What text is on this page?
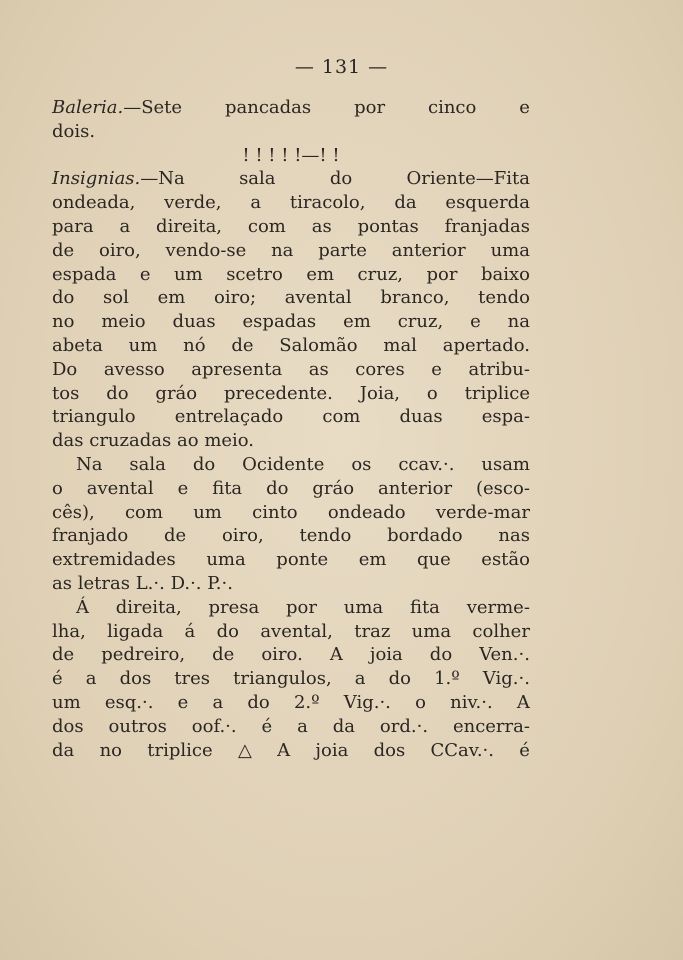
— 131 —
Baleria.—Sete pancadas por cinco e
dois.
! ! ! ! !—! !
Insignias.—Na	sala	do	Oriente—Fita
ondeada, verde, a tiracolo, da esquerda
para a direita, com as pontas franjadas
de oiro, vendo-se na parte anterior uma
espada e um scetro em cruz, por baixo
do sol em oiro; avental branco, tendo
no meio duas espadas em cruz, e na
abeta um nó de Salomão mal apertado.
Do avesso apresenta as cores e atribu-
tos do gráo precedente. Joia, o triplice
triangulo entrelaçado com duas espa-
das cruzadas ao meio.
Na sala do Ocidente os ccav.·. usam
o avental e fita do gráo anterior (esco-
cês), com um cinto ondeado verde-mar
franjado de oiro, tendo bordado nas
extremidades uma ponte em que estão
as letras L.·. D.·. P.·.
Á direita, presa por uma fita verme-
lha, ligada á do avental, traz uma colher
de pedreiro, de oiro. A joia do Ven.·.
é a dos tres triangulos, a do 1.º Vig.·.
um esq.·. e a do 2.º Vig.·. o niv.·. A
dos outros oof.·. é a da ord.·. encerra-
da no triplice △ A joia dos CCav.·. é
